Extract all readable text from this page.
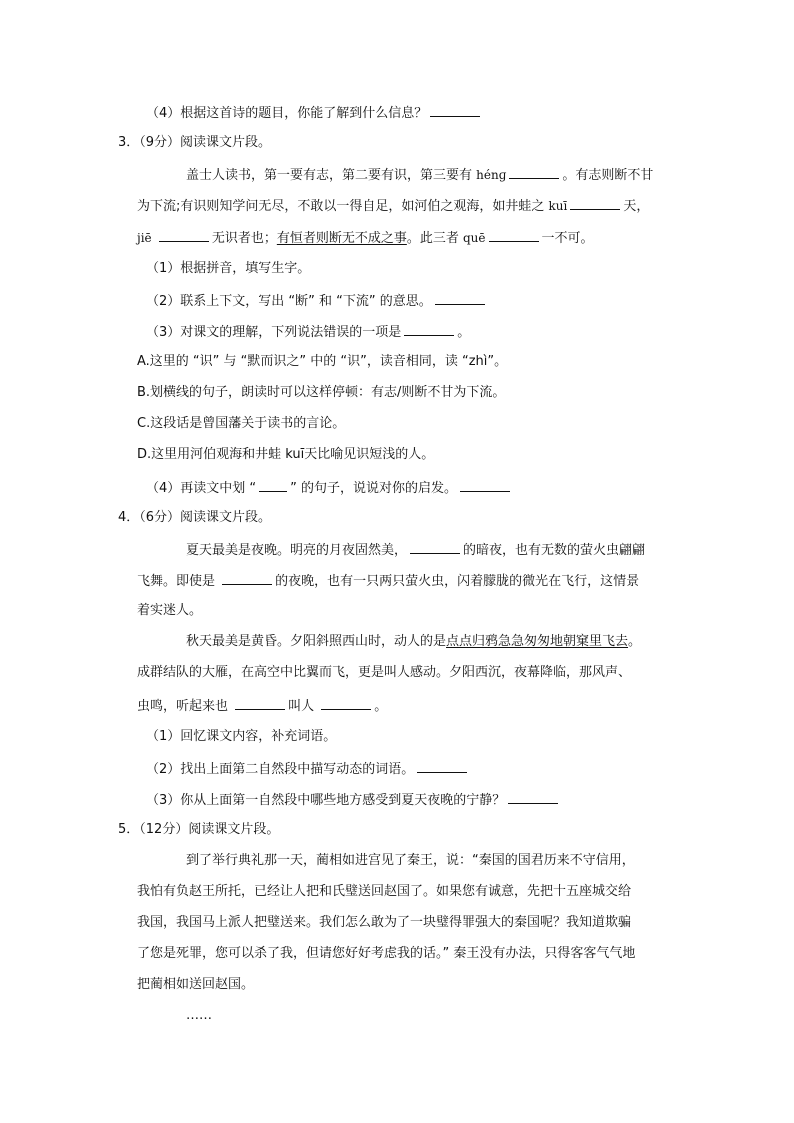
（4）根据这首诗的题目，你能了解到什么信息？
3．（9分）阅读课文片段。
盖士人读书，第一要有志，第二要有识，第三要有 hénɡ	。有志则断不甘
为下流;有识则知学问无尽，不敢以一得自足，如河伯之观海，如井蛙之 kuī	天，
jiē	无识者也；有恒者则断无不成之事。此三者 quē	一不可。
（1）根据拼音，填写生字。
（2）联系上下文，写出 “断” 和 “下流” 的意思。
（3）对课文的理解，下列说法错误的一项是	。
A.这里的 “识” 与 “默而识之” 中的 “识”，读音相同，读 “zhì”。
B.划横线的句子，朗读时可以这样停顿：有志/则断不甘为下流。
C.这段话是曾国藩关于读书的言论。
D.这里用河伯观海和井蛙 kuī天比喻见识短浅的人。
（4）再读文中划 “	” 的句子，说说对你的启发。
4．（6分）阅读课文片段。
夏天最美是夜晚。明亮的月夜固然美，	的暗夜，也有无数的萤火虫翩翩
飞舞。即使是	的夜晚，也有一只两只萤火虫，闪着朦胧的微光在飞行，这情景
着实迷人。
秋天最美是黄昏。夕阳斜照西山时，动人的是点点归鸦急急匆匆地朝窠里飞去。
成群结队的大雁，在高空中比翼而飞，更是叫人感动。夕阳西沉，夜幕降临，那风声、
虫鸣，听起来也	叫人	。
（1）回忆课文内容，补充词语。
（2）找出上面第二自然段中描写动态的词语。
（3）你从上面第一自然段中哪些地方感受到夏天夜晚的宁静？
5．（12分）阅读课文片段。
到了举行典礼那一天，蔺相如进宫见了秦王，说：“秦国的国君历来不守信用，
我怕有负赵王所托，已经让人把和氏璧送回赵国了。如果您有诚意，先把十五座城交给
我国，我国马上派人把璧送来。我们怎么敢为了一块璧得罪强大的秦国呢？我知道欺骗
了您是死罪，您可以杀了我，但请您好好考虑我的话。” 秦王没有办法，只得客客气气地
把蔺相如送回赵国。
……
